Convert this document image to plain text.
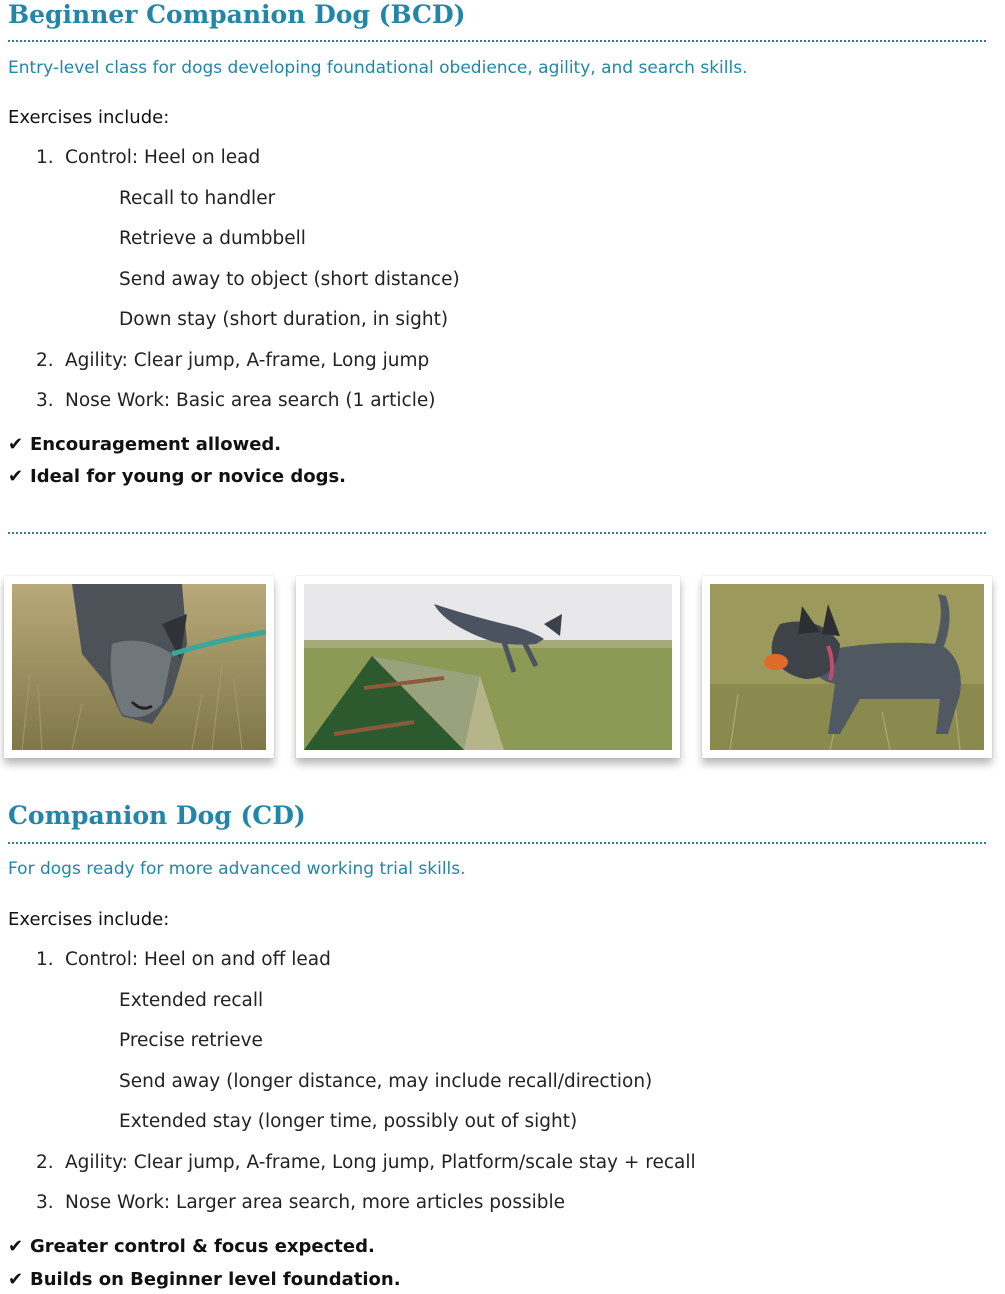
Beginner Companion Dog (BCD)
Entry-level class for dogs developing foundational obedience, agility, and search skills.
Exercises include:
1. Control: Heel on lead
Recall to handler
Retrieve a dumbbell
Send away to object (short distance)
Down stay (short duration, in sight)
2. Agility: Clear jump, A-frame, Long jump
3. Nose Work: Basic area search (1 article)
✔ Encouragement allowed.
✔ Ideal for young or novice dogs.
Companion Dog (CD)
For dogs ready for more advanced working trial skills.
Exercises include:
1. Control: Heel on and off lead
Extended recall
Precise retrieve
Send away (longer distance, may include recall/direction)
Extended stay (longer time, possibly out of sight)
2. Agility: Clear jump, A-frame, Long jump, Platform/scale stay + recall
3. Nose Work: Larger area search, more articles possible
✔ Greater control & focus expected.
✔ Builds on Beginner level foundation.
